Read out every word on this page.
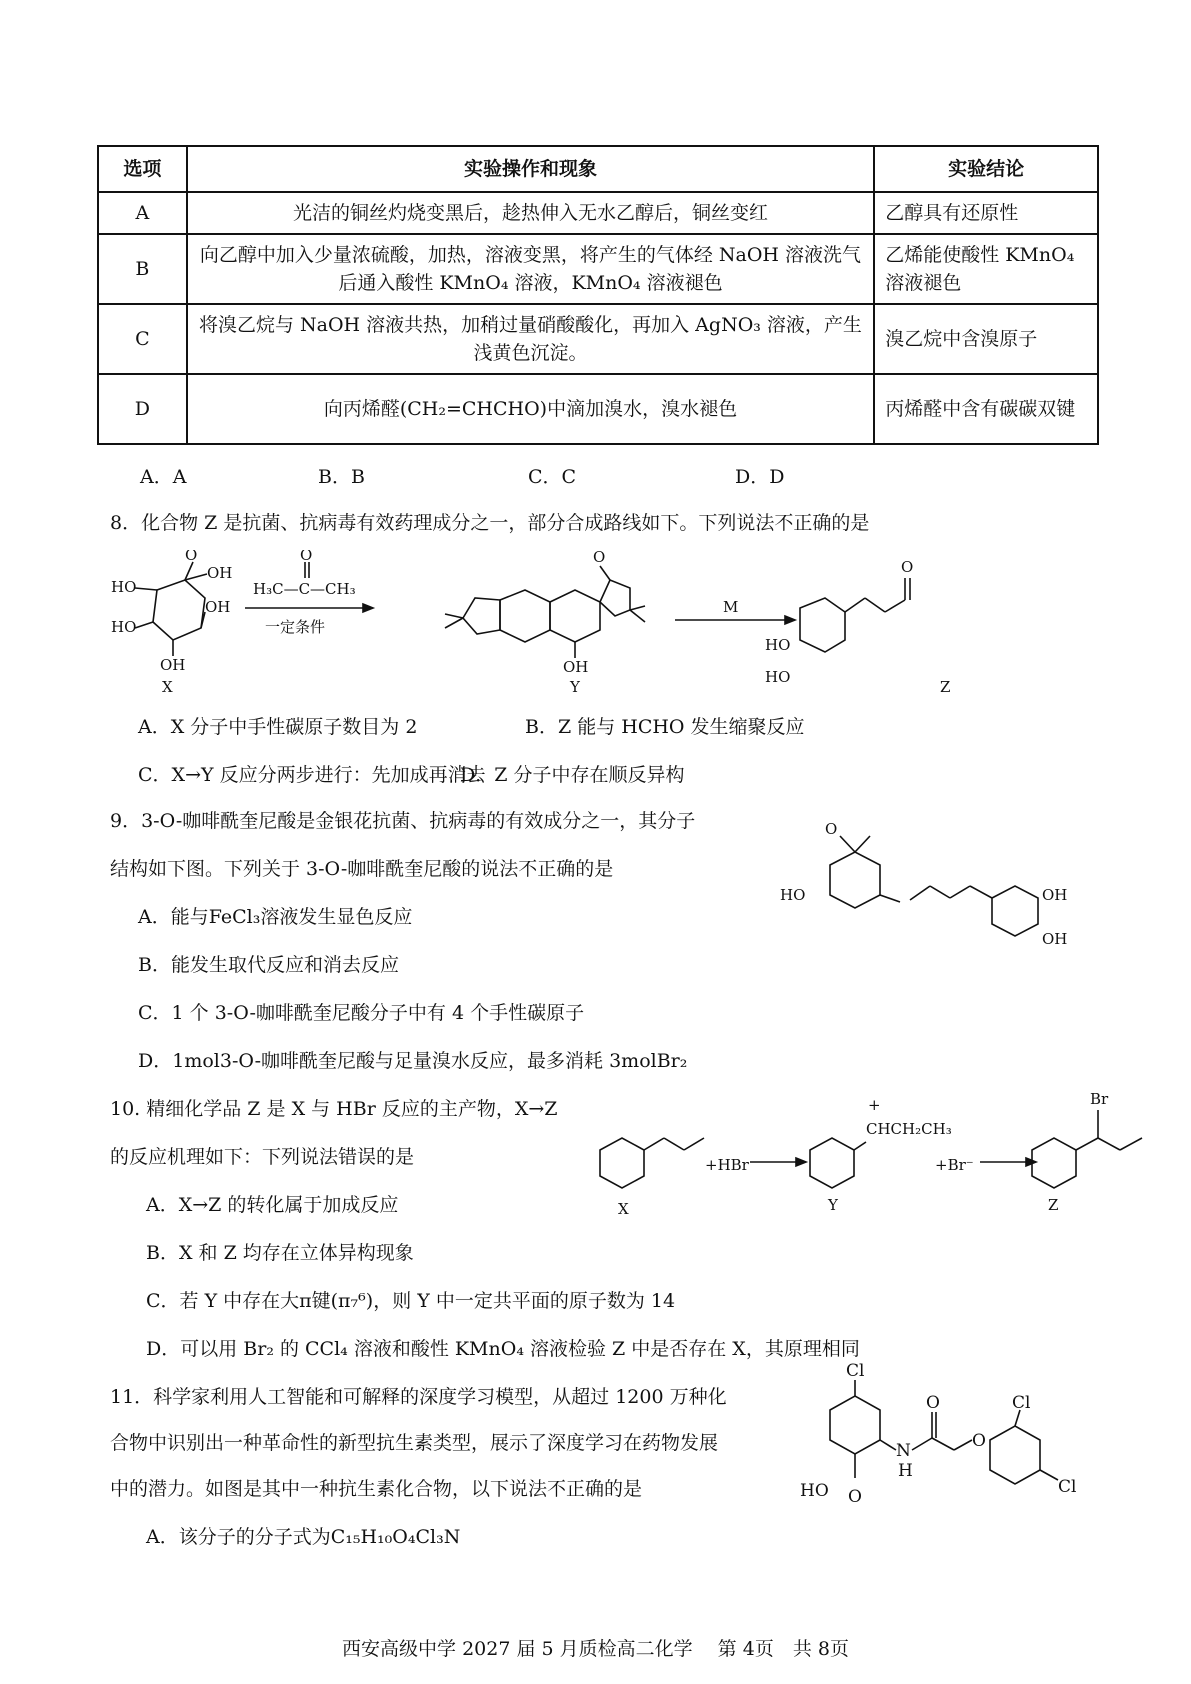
选项	实验操作和现象	实验结论
A	光洁的铜丝灼烧变黑后，趁热伸入无水乙醇后，铜丝变红	乙醇具有还原性
B	向乙醇中加入少量浓硫酸，加热，溶液变黑，将产生的气体经 NaOH 溶液洗气后通入酸性 KMnO₄ 溶液，KMnO₄ 溶液褪色	乙烯能使酸性 KMnO₄ 溶液褪色
C	将溴乙烷与 NaOH 溶液共热，加稍过量硝酸酸化，再加入 AgNO₃ 溶液，产生浅黄色沉淀。	溴乙烷中含溴原子
D	向丙烯醛(CH₂=CHCHO)中滴加溴水，溴水褪色	丙烯醛中含有碳碳双键
A．A	B．B	C．C	D．D
8．化合物 Z 是抗菌、抗病毒有效药理成分之一，部分合成路线如下。下列说法不正确的是
HO
HO
O
OH
OH
OH
X
O
H₃C—C—CH₃
一定条件
O
OH
Y
M
HO
HO
O
Z
A．X 分子中手性碳原子数目为 2	B．Z 能与 HCHO 发生缩聚反应
C．X→Y 反应分两步进行：先加成再消去
D．Z 分子中存在顺反异构
9．3-O-咖啡酰奎尼酸是金银花抗菌、抗病毒的有效成分之一，其分子
结构如下图。下列关于 3-O-咖啡酰奎尼酸的说法不正确的是
A．能与FeCl₃溶液发生显色反应
B．能发生取代反应和消去反应
C．1 个 3-O-咖啡酰奎尼酸分子中有 4 个手性碳原子
D．1mol3-O-咖啡酰奎尼酸与足量溴水反应，最多消耗 3molBr₂
O
HO	OH
OH
10. 精细化学品 Z 是 X 与 HBr 反应的主产物，X→Z
的反应机理如下：下列说法错误的是
A．X→Z 的转化属于加成反应
B．X 和 Z 均存在立体异构现象
C．若 Y 中存在大π键(π₇⁶)，则 Y 中一定共平面的原子数为 14
D．可以用 Br₂ 的 CCl₄ 溶液和酸性 KMnO₄ 溶液检验 Z 中是否存在 X，其原理相同
+HBr
+
CHCH₂CH₃
+Br⁻
Br
X	Y	Z
11．科学家利用人工智能和可解释的深度学习模型，从超过 1200 万种化
合物中识别出一种革命性的新型抗生素类型，展示了深度学习在药物发展
中的潜力。如图是其中一种抗生素化合物，以下说法不正确的是
A．该分子的分子式为C₁₅H₁₀O₄Cl₃N
Cl
O
N
H
O
Cl
Cl
HO O
西安高级中学 2027 届 5 月质检高二化学　 第 4页　共 8页
